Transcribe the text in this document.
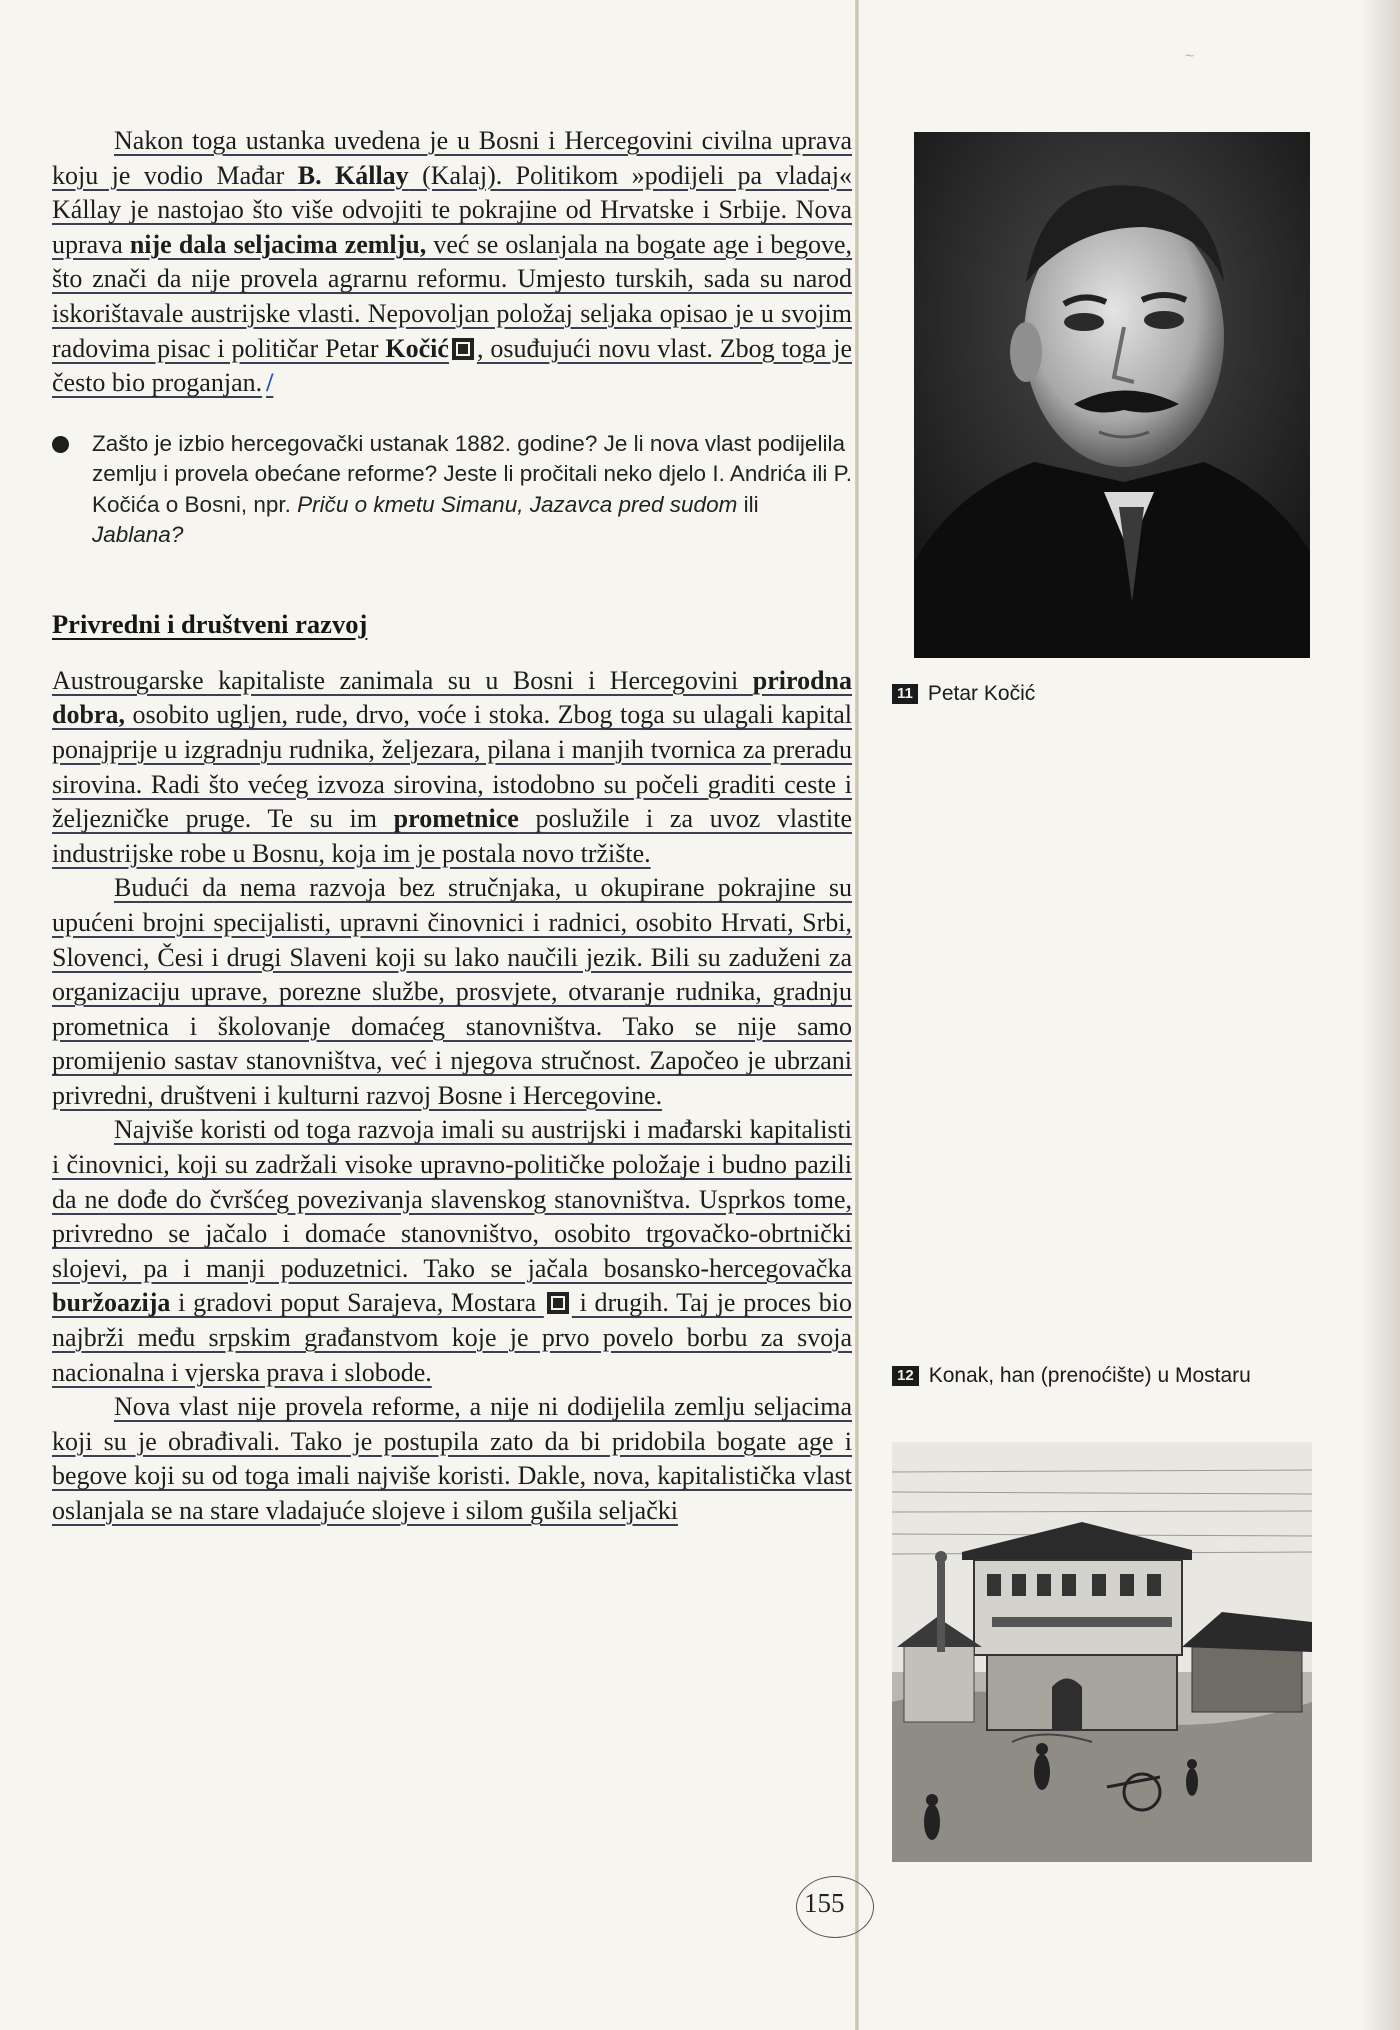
Nakon toga ustanka uvedena je u Bosni i Hercegovini civilna uprava koju je vodio Mađar B. Kállay (Kalaj). Politikom »podijeli pa vladaj« Kállay je nastojao što više odvojiti te pokrajine od Hrvatske i Srbije. Nova uprava nije dala seljacima zemlju, već se oslanjala na bogate age i begove, što znači da nije provela agrarnu reformu. Umjesto turskih, sada su narod iskorištavale austrijske vlasti. Nepovoljan položaj seljaka opisao je u svojim radovima pisac i političar Petar Kočić , osuđujući novu vlast. Zbog toga je često bio proganjan. /

Zašto je izbio hercegovački ustanak 1882. godine? Je li nova vlast podijelila zemlju i provela obećane reforme? Jeste li pročitali neko djelo I. Andrića ili P. Kočića o Bosni, npr. Priču o kmetu Simanu, Jazavca pred sudom ili Jablana?
Privredni i društveni razvoj

Austrougarske kapitaliste zanimala su u Bosni i Hercegovini prirodna dobra, osobito ugljen, rude, drvo, voće i stoka. Zbog toga su ulagali kapital ponajprije u izgradnju rudnika, željezara, pilana i manjih tvornica za preradu sirovina. Radi što većeg izvoza sirovina, istodobno su počeli graditi ceste i željezničke pruge. Te su im prometnice poslužile i za uvoz vlastite industrijske robe u Bosnu, koja im je postala novo tržište.

Budući da nema razvoja bez stručnjaka, u okupirane pokrajine su upućeni brojni specijalisti, upravni činovnici i radnici, osobito Hrvati, Srbi, Slovenci, Česi i drugi Slaveni koji su lako naučili jezik. Bili su zaduženi za organizaciju uprave, porezne službe, prosvjete, otvaranje rudnika, gradnju prometnica i školovanje domaćeg stanovništva. Tako se nije samo promijenio sastav stanovništva, već i njegova stručnost. Započeo je ubrzani privredni, društveni i kulturni razvoj Bosne i Hercegovine.

Najviše koristi od toga razvoja imali su austrijski i mađarski kapitalisti i činovnici, koji su zadržali visoke upravno-političke položaje i budno pazili da ne dođe do čvršćeg povezivanja slavenskog stanovništva. Usprkos tome, privredno se jačalo i domaće stanovništvo, osobito trgovačko-obrtnički slojevi, pa i manji poduzetnici. Tako se jačala bosansko-hercegovačka buržoazija i gradovi poput Sarajeva, Mostara  i drugih. Taj je proces bio najbrži među srpskim građanstvom koje je prvo povelo borbu za svoja nacionalna i vjerska prava i slobode.

Nova vlast nije provela reforme, a nije ni dodijelila zemlju seljacima koji su je obrađivali. Tako je postupila zato da bi pridobila bogate age i begove koji su od toga imali najviše koristi. Dakle, nova, kapitalistička vlast oslanjala se na stare vladajuće slojeve i silom gušila seljački

~
11 Petar Kočić
12 Konak, han (prenoćište) u Mostaru
155
